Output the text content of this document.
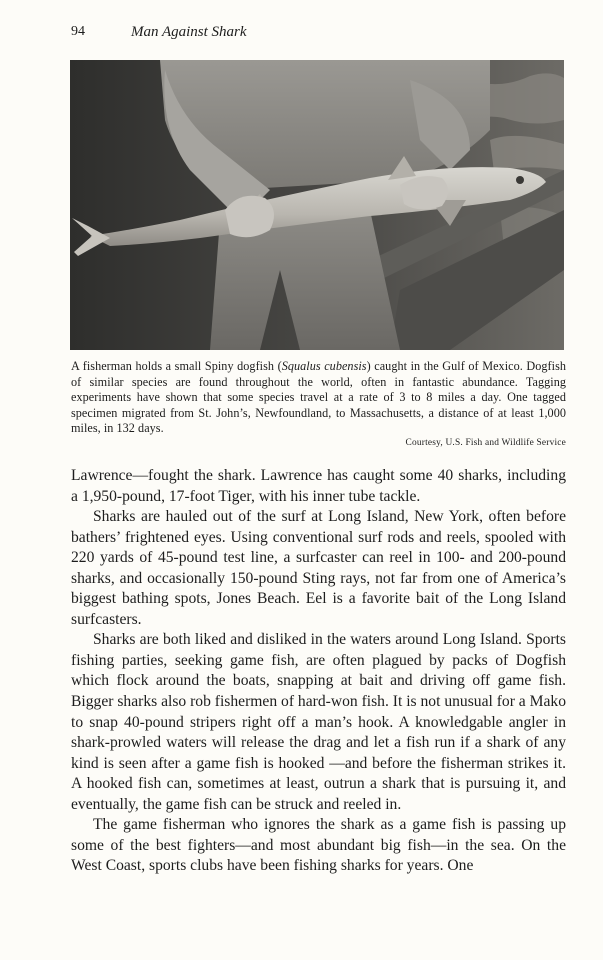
94	Man Against Shark
A fisherman holds a small Spiny dogfish (Squalus cubensis) caught in the Gulf of Mexico. Dogfish of similar species are found throughout the world, often in fantastic abundance. Tagging experiments have shown that some species travel at a rate of 3 to 8 miles a day. One tagged specimen migrated from St. John’s, Newfoundland, to Massachusetts, a distance of at least 1,000 miles, in 132 days.
Courtesy, U.S. Fish and Wildlife Service

Lawrence—fought the shark. Lawrence has caught some 40 sharks, including a 1,950-pound, 17-foot Tiger, with his inner tube tackle.

Sharks are hauled out of the surf at Long Island, New York, often before bathers’ frightened eyes. Using conventional surf rods and reels, spooled with 220 yards of 45-pound test line, a surfcaster can reel in 100- and 200-pound sharks, and occasionally 150-pound Sting rays, not far from one of America’s biggest bathing spots, Jones Beach. Eel is a favorite bait of the Long Island surfcasters.

Sharks are both liked and disliked in the waters around Long Island. Sports fishing parties, seeking game fish, are often plagued by packs of Dogfish which flock around the boats, snapping at bait and driving off game fish. Bigger sharks also rob fishermen of hard-won fish. It is not unusual for a Mako to snap 40-pound stripers right off a man’s hook. A knowledgable angler in shark-prowled waters will release the drag and let a fish run if a shark of any kind is seen after a game fish is hooked —and before the fisherman strikes it. A hooked fish can, sometimes at least, outrun a shark that is pursuing it, and eventually, the game fish can be struck and reeled in.

The game fisherman who ignores the shark as a game fish is passing up some of the best fighters—and most abundant big fish—in the sea. On the West Coast, sports clubs have been fishing sharks for years. One
